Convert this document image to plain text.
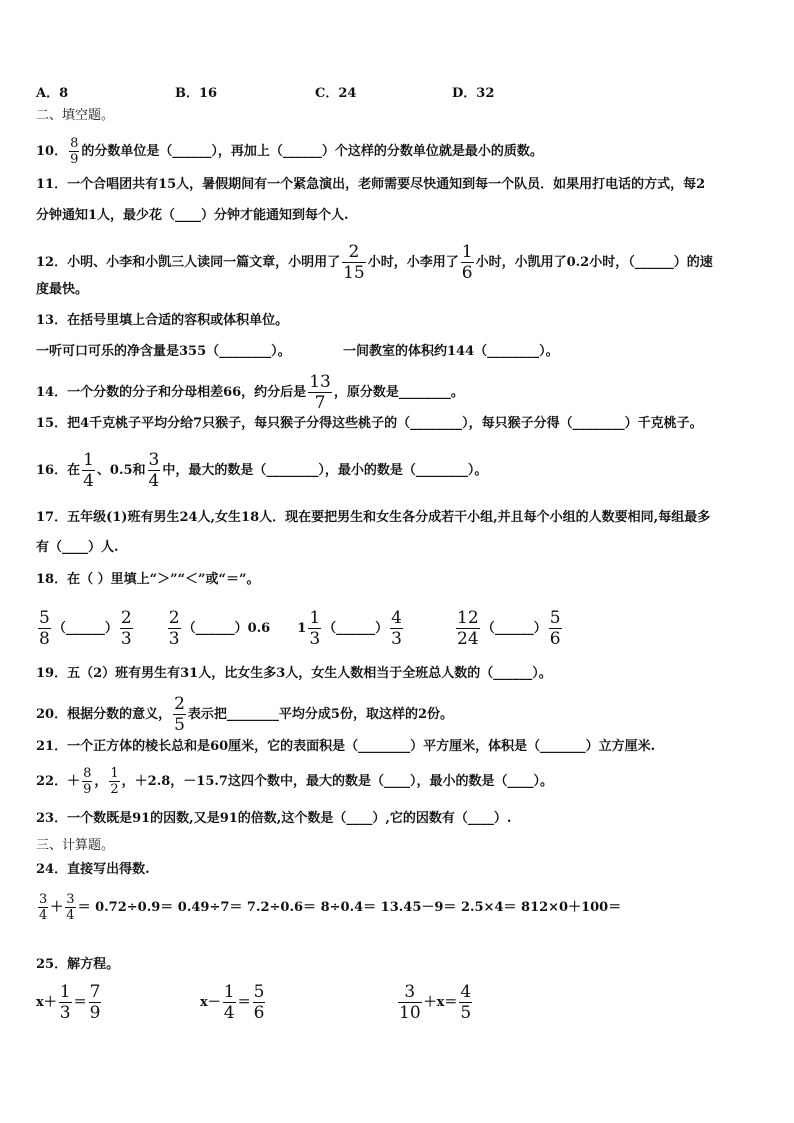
A．8	B．16	C．24	D．32
二、填空题。
10． $\frac{8}{9}$ 的分数单位是（______），再加上（______）个这样的分数单位就是最小的质数。
11．一个合唱团共有15人，暑假期间有一个紧急演出，老师需要尽快通知到每一个队员．如果用打电话的方式，每2
分钟通知1人，最少花（____）分钟才能通知到每个人.
12．小明、小李和小凯三人读同一篇文章，小明用了 $\frac{2}{15}$ 小时，小李用了 $\frac{1}{6}$ 小时，小凯用了0.2小时，（______）的速
度最快。
13．在括号里填上合适的容积或体积单位。
一听可口可乐的净含量是355（________）。	一间教室的体积约144（________）。
14．一个分数的分子和分母相差66，约分后是 $\frac{13}{7}$ ，原分数是________。
15．把4千克桃子平均分给7只猴子，每只猴子分得这些桃子的（________），每只猴子分得（________）千克桃子。
16．在 $\frac{1}{4}$ 、0.5和 $\frac{3}{4}$ 中，最大的数是（________），最小的数是（________）。
17．五年级(1)班有男生24人,女生18人．现在要把男生和女生各分成若干小组,并且每个小组的人数要相同,每组最多
有（____）人.
18．在（ ）里填上“＞”“＜”或“＝”。
$\frac{5}{8}$ （______） $\frac{2}{3}$
$\frac{2}{3}$ （______）0.6 $1 \frac{1}{3}$ （______） $\frac{4}{3}$
	$\frac{12}{24}$ （______） $\frac{5}{6}$
19．五（2）班有男生有31人，比女生多3人，女生人数相当于全班总人数的（______）。
20．根据分数的意义， $\frac{2}{5}$ 表示把________平均分成5份，取这样的2份。
21．一个正方体的棱长总和是60厘米，它的表面积是（________）平方厘米，体积是（_______）立方厘米.
22．＋ $\frac{8}{9}$ ， $\frac{1}{2}$ ，＋2.8，－15.7这四个数中，最大的数是（____），最小的数是（____）。
23．一个数既是91的因数,又是91的倍数,这个数是（____）,它的因数有（____）.
三、计算题。
24．直接写出得数.
$\frac{3}{4} + \frac{3}{4} = 0.72\div 0.9= 0.49\div 7= 7.2\div 0.6= 8\div 0.4= 13.45-9= 2.5\times 4= 812\times 0+100=$
25．解方程。
$x+ \frac{1}{3} = \frac{7}{9}$	$x- \frac{1}{4} = \frac{5}{6}$	$\frac{3}{10} +x= \frac{4}{5}$
